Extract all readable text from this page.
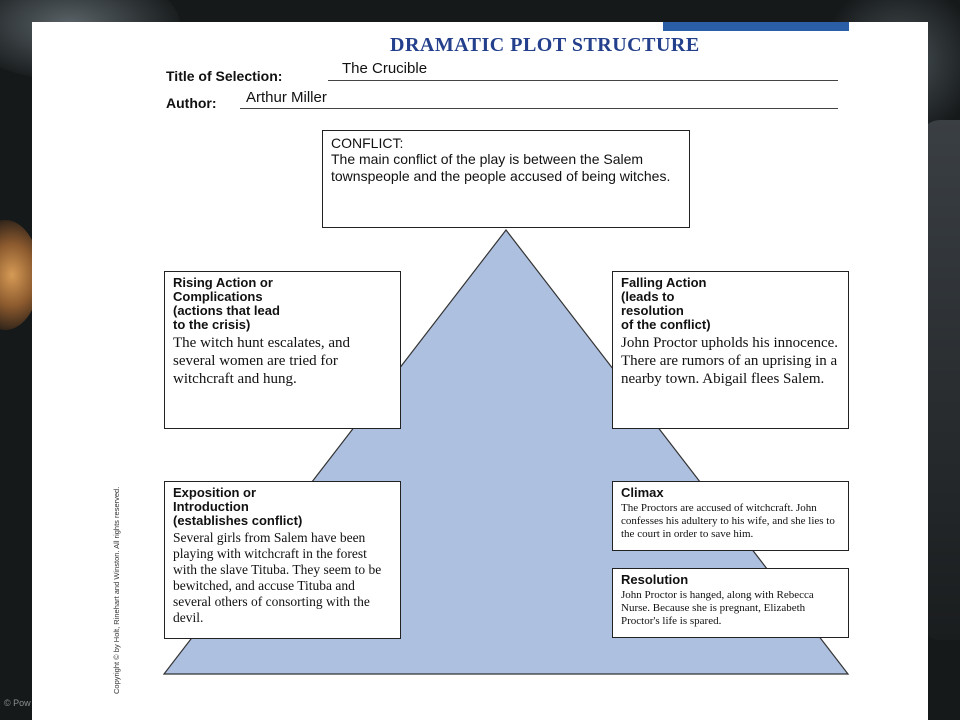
© Pow
DRAMATIC PLOT STRUCTURE
Title of Selection:	The Crucible
Author: Arthur Miller
CONFLICT:
The main conflict of the play is between the Salem townspeople and the people accused of being witches.
Rising Action or
Complications
(actions that lead
to the crisis)
The witch hunt escalates, and several women are tried for witchcraft and hung.
Falling Action
(leads to
resolution
of the conflict)
John Proctor upholds his innocence. There are rumors of an uprising in a nearby town. Abigail flees Salem.
Exposition or
Introduction
(establishes conflict)
Several girls from Salem have been playing with witchcraft in the forest with the slave Tituba. They seem to be bewitched, and accuse Tituba and several others of consorting with the devil.
Climax
The Proctors are accused of witchcraft. John confesses his adultery to his wife, and she lies to the court in order to save him.
Resolution
John Proctor is hanged, along with Rebecca Nurse. Because she is pregnant, Elizabeth Proctor's life is spared.
Copyright © by Holt, Rinehart and Winston. All rights reserved.
